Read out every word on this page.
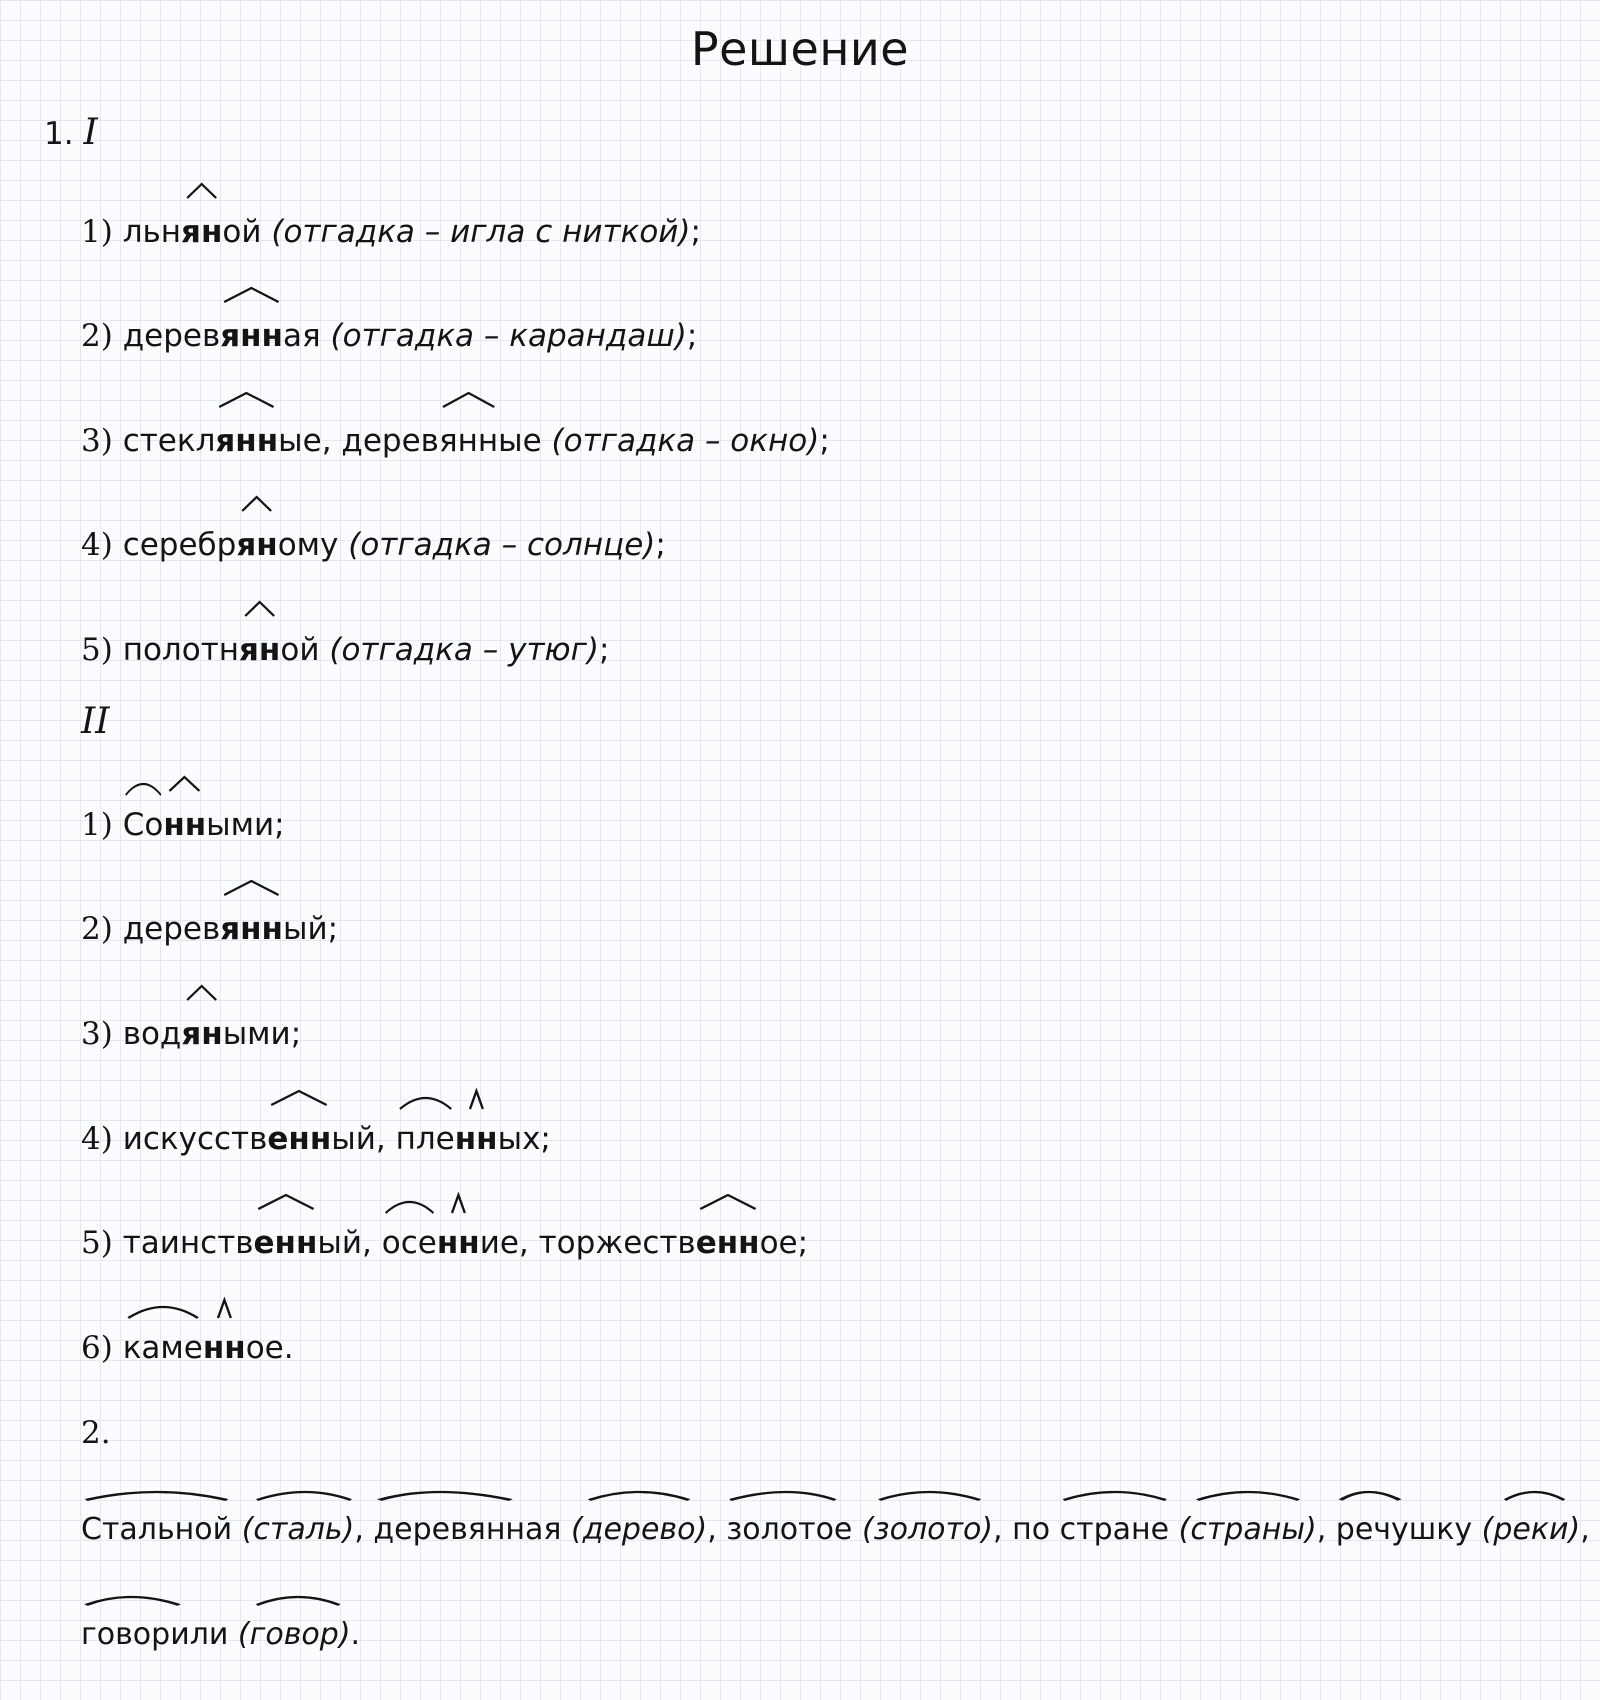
Решение
1. I
1) льн
яной (отгадка – игла с ниткой);
2) дерев
янная (отгадка – карандаш);
3) стекл
янные, дерев
янные (отгадка – окно);
4) серебр
яному (отгадка – солнце);
5) полотн
яной (отгадка – утюг);
II
1) Со
нными;
2) дерев
янный;
3) вод
яными;
4) искусств
енный,
пле
нных;
5) таинств
енный,
осе
нние, торжеств
енное;
6) каме
нное.
2.
Стальной (сталь),
деревянная (дерево),
золотое (золото), по
стране (страны),
речушку (реки),
говорили (говор).
